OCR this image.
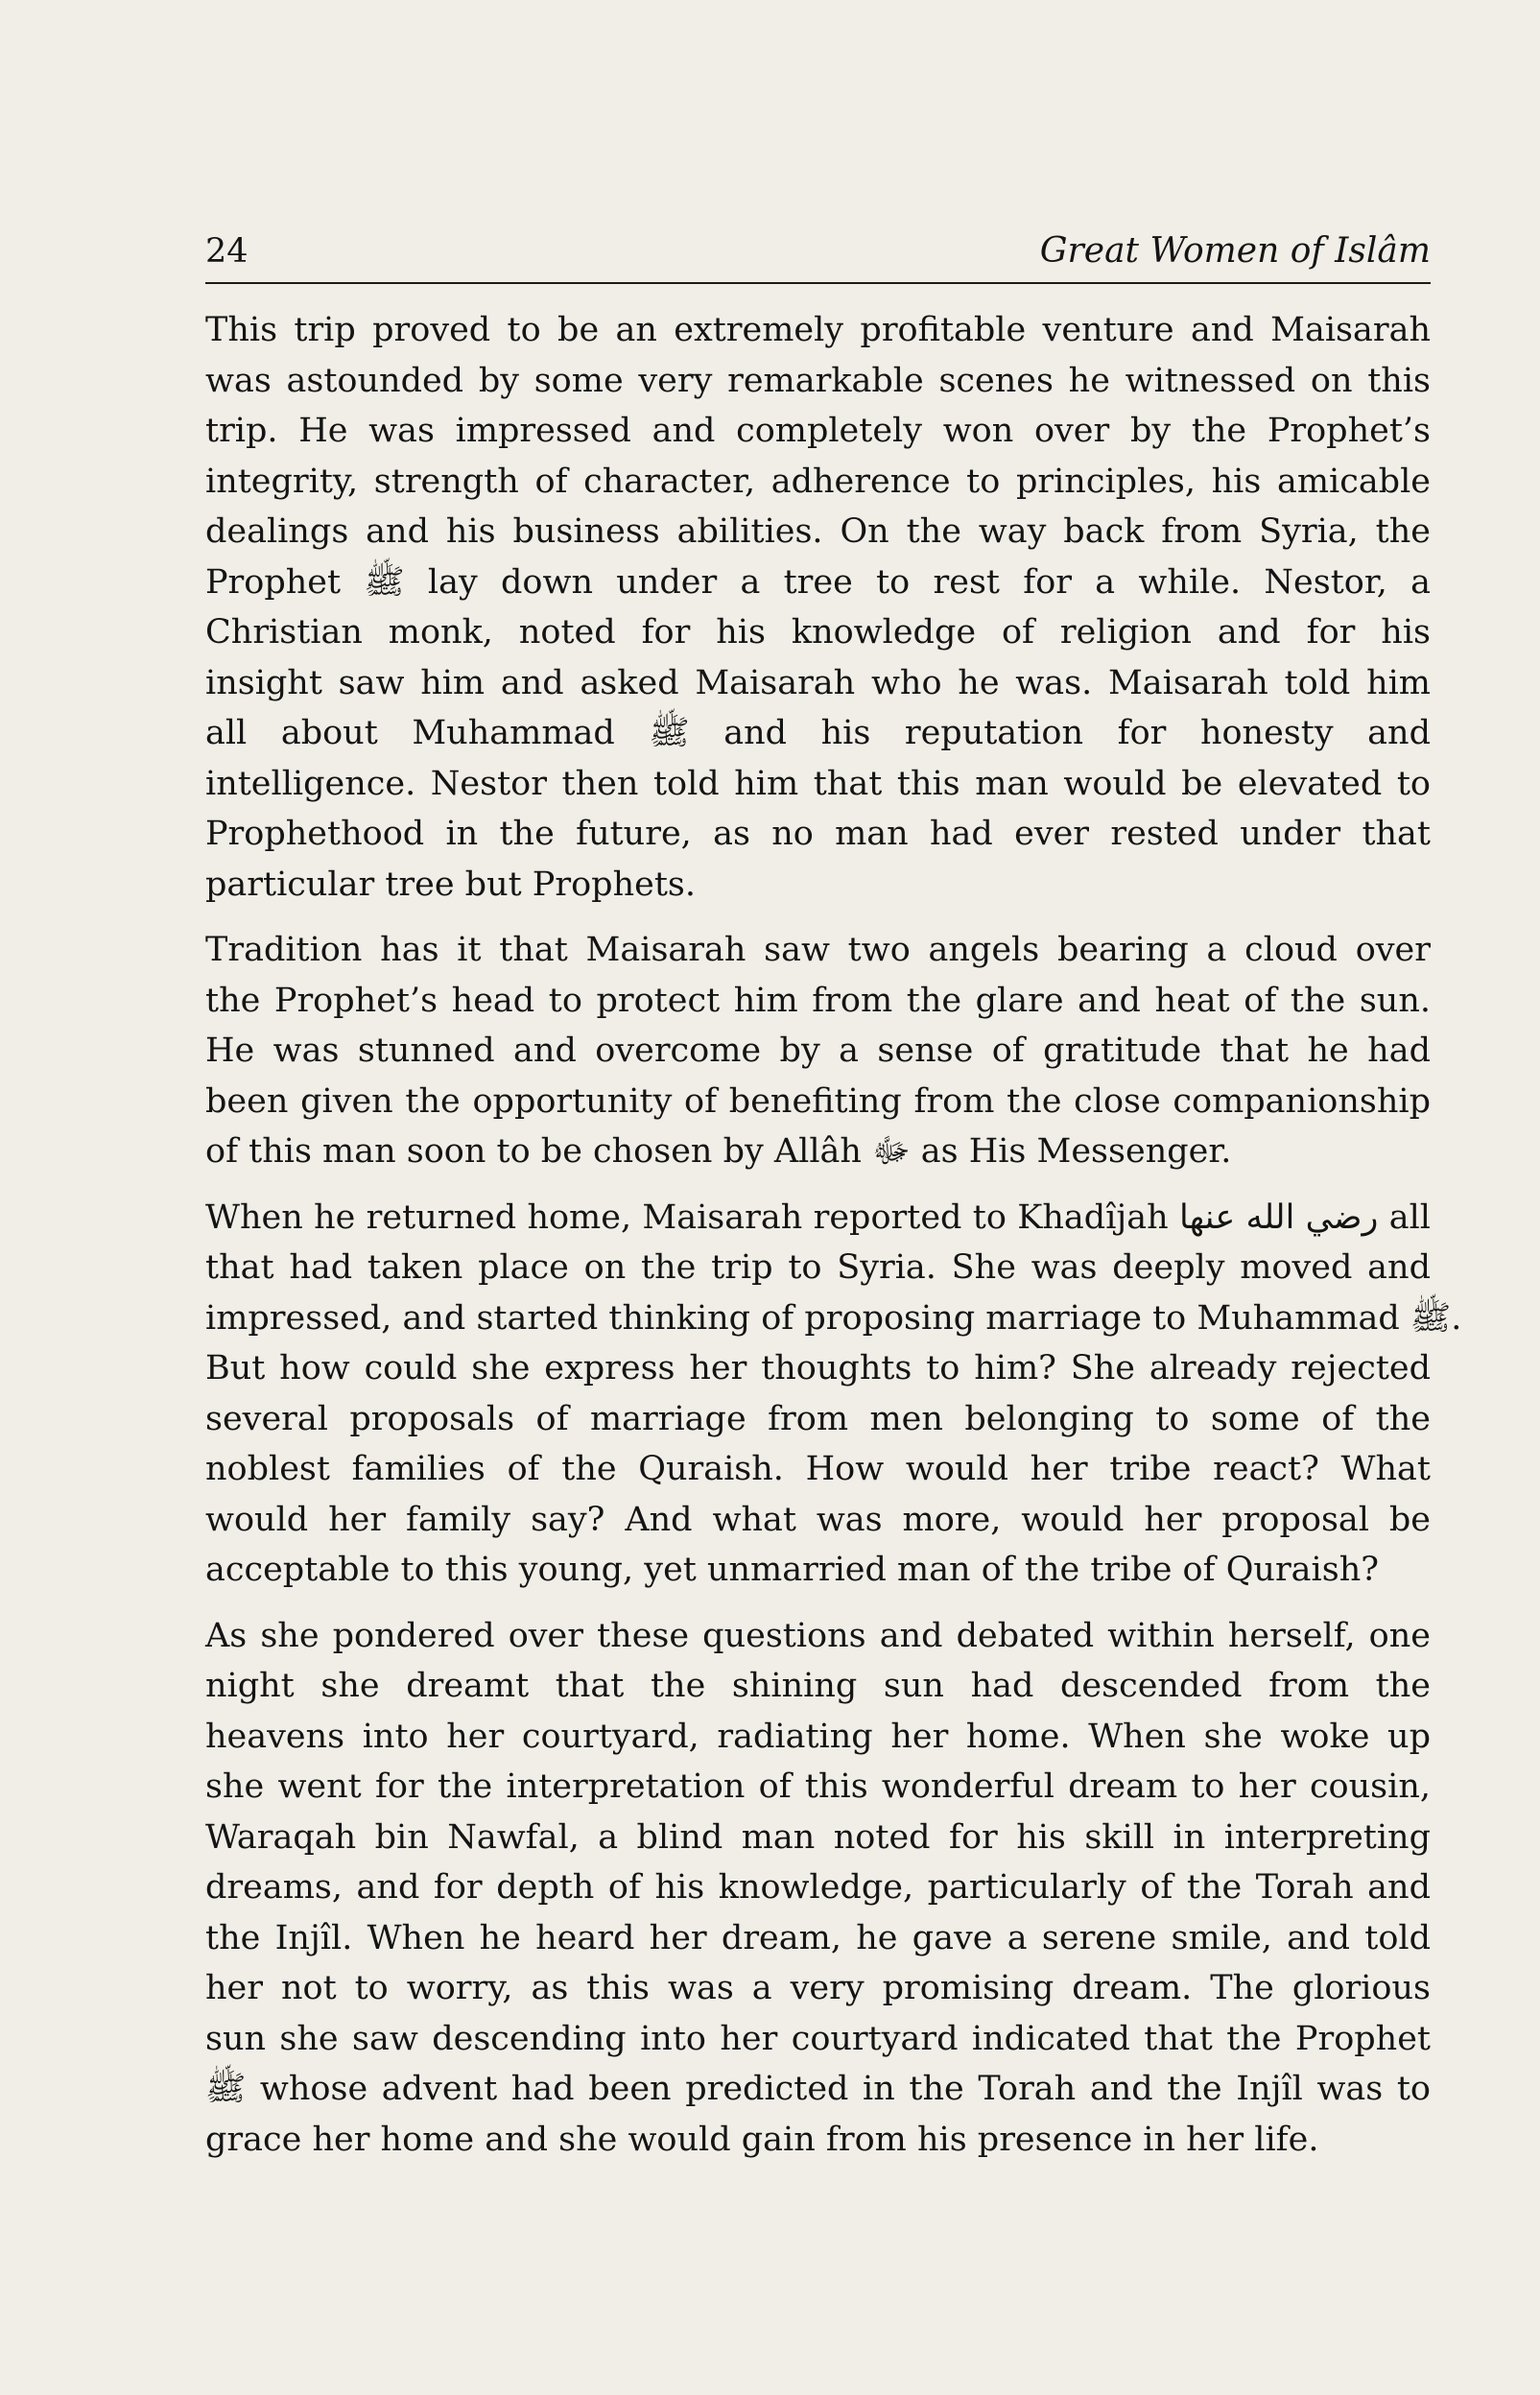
24	Great Women of Islâm
This trip proved to be an extremely profitable venture and Maisarah
was astounded by some very remarkable scenes he witnessed on this
trip. He was impressed and completely won over by the Prophet’s
integrity, strength of character, adherence to principles, his amicable
dealings and his business abilities. On the way back from Syria, the
Prophet ﷺ lay down under a tree to rest for a while. Nestor, a
Christian monk, noted for his knowledge of religion and for his
insight saw him and asked Maisarah who he was. Maisarah told him
all about Muhammad ﷺ and his reputation for honesty and
intelligence. Nestor then told him that this man would be elevated to
Prophethood in the future, as no man had ever rested under that
particular tree but Prophets.
Tradition has it that Maisarah saw two angels bearing a cloud over
the Prophet’s head to protect him from the glare and heat of the sun.
He was stunned and overcome by a sense of gratitude that he had
been given the opportunity of benefiting from the close companionship
of this man soon to be chosen by Allâh ﷻ as His Messenger.
When he returned home, Maisarah reported to Khadîjah رضي الله عنها all
that had taken place on the trip to Syria. She was deeply moved and
impressed, and started thinking of proposing marriage to Muhammad ﷺ.
But how could she express her thoughts to him? She already rejected
several proposals of marriage from men belonging to some of the
noblest families of the Quraish. How would her tribe react? What
would her family say? And what was more, would her proposal be
acceptable to this young, yet unmarried man of the tribe of Quraish?
As she pondered over these questions and debated within herself, one
night she dreamt that the shining sun had descended from the
heavens into her courtyard, radiating her home. When she woke up
she went for the interpretation of this wonderful dream to her cousin,
Waraqah bin Nawfal, a blind man noted for his skill in interpreting
dreams, and for depth of his knowledge, particularly of the Torah and
the Injîl. When he heard her dream, he gave a serene smile, and told
her not to worry, as this was a very promising dream. The glorious
sun she saw descending into her courtyard indicated that the Prophet
ﷺ whose advent had been predicted in the Torah and the Injîl was to
grace her home and she would gain from his presence in her life.
